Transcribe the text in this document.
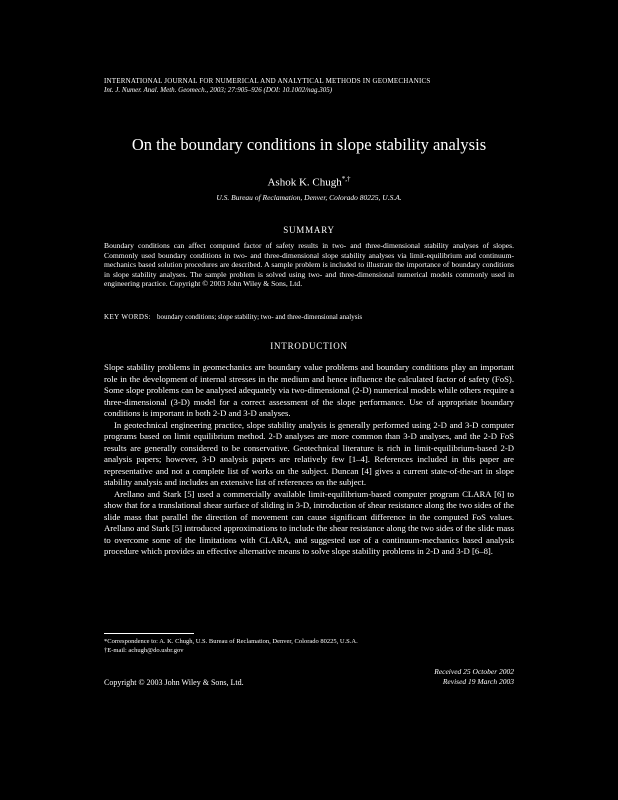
INTERNATIONAL JOURNAL FOR NUMERICAL AND ANALYTICAL METHODS IN GEOMECHANICS
Int. J. Numer. Anal. Meth. Geomech., 2003; 27:905–926 (DOI: 10.1002/nag.305)
On the boundary conditions in slope stability analysis
Ashok K. Chugh*,†
U.S. Bureau of Reclamation, Denver, Colorado 80225, U.S.A.
SUMMARY
Boundary conditions can affect computed factor of safety results in two- and three-dimensional stability analyses of slopes. Commonly used boundary conditions in two- and three-dimensional slope stability analyses via limit-equilibrium and continuum-mechanics based solution procedures are described. A sample problem is included to illustrate the importance of boundary conditions in slope stability analyses. The sample problem is solved using two- and three-dimensional numerical models commonly used in engineering practice. Copyright © 2003 John Wiley & Sons, Ltd.
KEY WORDS: boundary conditions; slope stability; two- and three-dimensional analysis
INTRODUCTION

Slope stability problems in geomechanics are boundary value problems and boundary conditions play an important role in the development of internal stresses in the medium and hence influence the calculated factor of safety (FoS). Some slope problems can be analysed adequately via two-dimensional (2-D) numerical models while others require a three-dimensional (3-D) model for a correct assessment of the slope performance. Use of appropriate boundary conditions is important in both 2-D and 3-D analyses.

In geotechnical engineering practice, slope stability analysis is generally performed using 2-D and 3-D computer programs based on limit equilibrium method. 2-D analyses are more common than 3-D analyses, and the 2-D FoS results are generally considered to be conservative. Geotechnical literature is rich in limit-equilibrium-based 2-D analysis papers; however, 3-D analysis papers are relatively few [1–4]. References included in this paper are representative and not a complete list of works on the subject. Duncan [4] gives a current state-of-the-art in slope stability analysis and includes an extensive list of references on the subject.

Arellano and Stark [5] used a commercially available limit-equilibrium-based computer program CLARA [6] to show that for a translational shear surface of sliding in 3-D, introduction of shear resistance along the two sides of the slide mass that parallel the direction of movement can cause significant difference in the computed FoS values. Arellano and Stark [5] introduced approximations to include the shear resistance along the two sides of the slide mass to overcome some of the limitations with CLARA, and suggested use of a continuum-mechanics based analysis procedure which provides an effective alternative means to solve slope stability problems in 2-D and 3-D [6–8].

*Correspondence to: A. K. Chugh, U.S. Bureau of Reclamation, Denver, Colorado 80225, U.S.A.
†E-mail: achugh@do.usbr.gov
Received 25 October 2002
Revised 19 March 2003
Copyright © 2003 John Wiley & Sons, Ltd.
